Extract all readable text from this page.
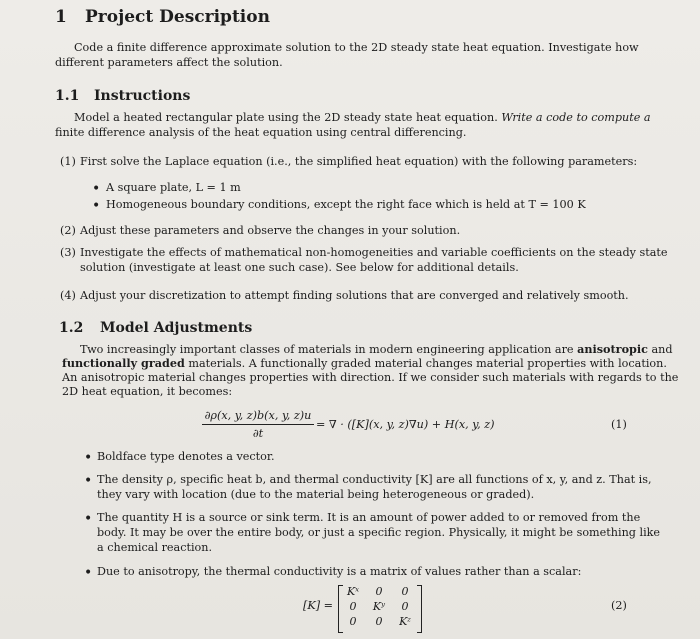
1 Project Description
Code a finite difference approximate solution to the 2D steady state heat equation. Investigate how
different parameters affect the solution.
1.1 Instructions
Model a heated rectangular plate using the 2D steady state heat equation. Write a code to compute a
finite difference analysis of the heat equation using central differencing.
(1) First solve the Laplace equation (i.e., the simplified heat equation) with the following parameters:
• A square plate, L = 1 m
• Homogeneous boundary conditions, except the right face which is held at T = 100 K
(2) Adjust these parameters and observe the changes in your solution.
(3) Investigate the effects of mathematical non-homogeneities and variable coefficients on the steady state
solution (investigate at least one such case). See below for additional details.
(4) Adjust your discretization to attempt finding solutions that are converged and relatively smooth.
1.2 Model Adjustments
Two increasingly important classes of materials in modern engineering application are anisotropic and
functionally graded materials. A functionally graded material changes material properties with location.
An anisotropic material changes properties with direction. If we consider such materials with regards to the
2D heat equation, it becomes:
∂ρ(x, y, z)b(x, y, z)u
∂t
= ∇ · ([K](x, y, z)∇u) + H(x, y, z)	(1)
• Boldface type denotes a vector.
• The density ρ, specific heat b, and thermal conductivity [K] are all functions of x, y, and z. That is,
they vary with location (due to the material being heterogeneous or graded).
• The quantity H is a source or sink term. It is an amount of power added to or removed from the
body. It may be over the entire body, or just a specific region. Physically, it might be something like
a chemical reaction.
• Due to anisotropy, the thermal conductivity is a matrix of values rather than a scalar:
[K] =
Kˣ	0	0
0	Kʸ	0
0	0	Kᶻ
(2)
